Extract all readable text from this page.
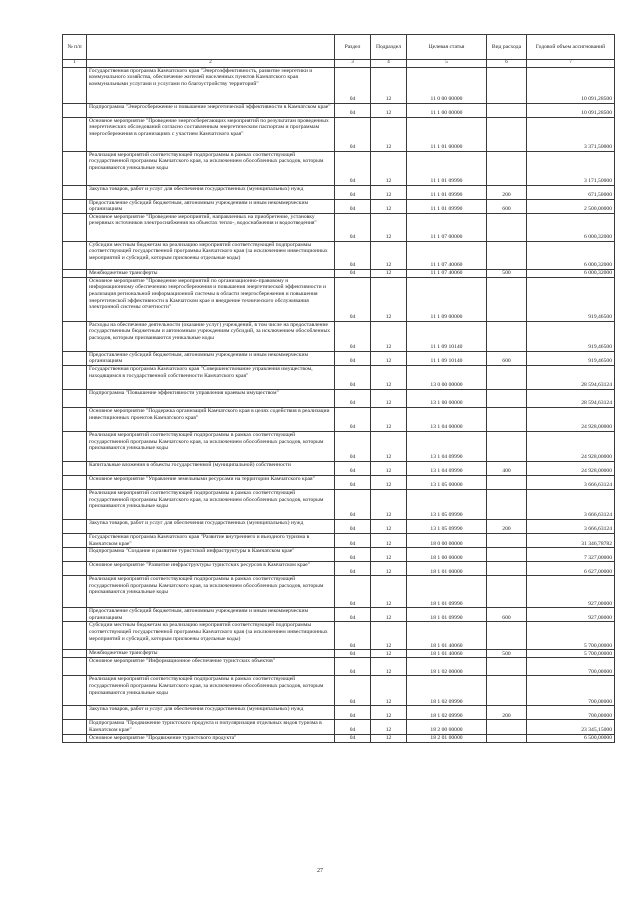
№ п/п		Раздел	Подраздел	Целевая статья	Вид расхода	Годовой объем ассигнований
1	2	3	4	5	6	7
	Государственная программа Камчатского края "Энергоэффективность, развитие энергетики и коммунального хозяйства, обеспечение жителей населенных пунктов Камчатского края коммунальными услугами и услугами по благоустройству территорий"	04	12	11 0 00 00000		10 091,28500
	Подпрограмма "Энергосбережение и повышение энергетической эффективности в Камчатском крае"	04	12	11 1 00 00000		10 091,28500
	Основное мероприятие "Проведение энергосберегающих мероприятий по результатам проведенных энергетических обследований согласно составленным энергетическим паспортам и программам энергосбережения в организациях с участием Камчатского края"	04	12	11 1 01 00000		3 371,50000
	Реализация мероприятий соответствующей подпрограммы в рамках соответствующей государственной программы Камчатского края, за исключением обособленных расходов, которым присваиваются уникальные коды	04	12	11 1 01 09990		3 171,50000
	Закупка товаров, работ и услуг для обеспечения государственных (муниципальных) нужд	04	12	11 1 01 09990	200	671,50000
	Предоставление субсидий бюджетным, автономным учреждениям и иным некоммерческим организациям	04	12	11 1 01 09990	600	2 500,00000
	Основное мероприятие "Проведение мероприятий, направленных на приобретение, установку резервных источников электроснабжения на объектах тепло-, водоснабжения и водоотведения"	04	12	11 1 07 00000		6 000,32000
	Субсидии местным бюджетам на реализацию мероприятий соответствующей подпрограммы соответствующей государственной программы Камчатского края (за исключением инвестиционных мероприятий и субсидий, которым присвоены отдельные коды)	04	12	11 1 07 40060		6 000,32000
	Межбюджетные трансферты	04	12	11 1 07 40060	500	6 000,32000
	Основное мероприятие "Проведение мероприятий по организационно-правовому и информационному обеспечению энергосбережения и повышения энергетической эффективности и реализация региональной информационной системы в области энергосбережения и повышения энергетической эффективности в Камчатском крае и внедрение технического обслуживания электронной системы отчетности"	04	12	11 1 09 00000		919,46500
	Расходы на обеспечение деятельности (оказание услуг) учреждений, в том числе на предоставление государственным бюджетным и автономным учреждениям субсидий, за исключением обособленных расходов, которым присваиваются уникальные коды	04	12	11 1 09 10140		919,46500
	Предоставление субсидий бюджетным, автономным учреждениям и иным некоммерческим организациям	04	12	11 1 09 10140	600	919,46500
	Государственная программа Камчатского края "Совершенствование управления имуществом, находящимся в государственной собственности Камчатского края"	04	12	13 0 00 00000		28 594,63124
	Подпрограмма "Повышение эффективности управления краевым имуществом"	04	12	13 1 00 00000		28 594,63124
	Основное мероприятие "Поддержка организаций Камчатского края в целях содействия в реализации инвестиционных проектов Камчатского края"	04	12	13 1 04 00000		24 928,00000
	Реализация мероприятий соответствующей подпрограммы в рамках соответствующей государственной программы Камчатского края, за исключением обособленных расходов, которым присваиваются уникальные коды	04	12	13 1 04 09990		24 928,00000
	Капитальные вложения в объекты государственной (муниципальной) собственности	04	12	13 1 04 09990	400	24 928,00000
	Основное мероприятие "Управление земельными ресурсами на территории Камчатского края"	04	12	13 1 05 00000		3 666,63124
	Реализация мероприятий соответствующей подпрограммы в рамках соответствующей государственной программы Камчатского края, за исключением обособленных расходов, которым присваиваются уникальные коды	04	12	13 1 05 09990		3 666,63124
	Закупка товаров, работ и услуг для обеспечения государственных (муниципальных) нужд	04	12	13 1 05 09990	200	3 666,63124
	Государственная программа Камчатского края "Развитие внутреннего и въездного туризма в Камчатском крае"	04	12	18 0 00 00000		31 346,78782
	Подпрограмма "Создание и развитие туристской инфраструктуры в Камчатском крае"	04	12	18 1 00 00000		7 327,00000
	Основное мероприятие "Развитие инфраструктуры туристских ресурсов в Камчатском крае"	04	12	18 1 01 00000		6 627,00000
	Реализация мероприятий соответствующей подпрограммы в рамках соответствующей государственной программы Камчатского края, за исключением обособленных расходов, которым присваиваются уникальные коды	04	12	18 1 01 09990		927,00000
	Предоставление субсидий бюджетным, автономным учреждениям и иным некоммерческим организациям	04	12	18 1 01 09990	600	927,00000
	Субсидии местным бюджетам на реализацию мероприятий соответствующей подпрограммы соответствующей государственной программы Камчатского края (за исключением инвестиционных мероприятий и субсидий, которым присвоены отдельные коды)	04	12	18 1 01 40060		5 700,00000
	Межбюджетные трансферты	04	12	18 1 01 40060	500	5 700,00000
	Основное мероприятие "Информационное обеспечение туристских объектов"	04	12	18 1 02 00000		700,00000
	Реализация мероприятий соответствующей подпрограммы в рамках соответствующей государственной программы Камчатского края, за исключением обособленных расходов, которым присваиваются уникальные коды	04	12	18 1 02 09990		700,00000
	Закупка товаров, работ и услуг для обеспечения государственных (муниципальных) нужд	04	12	18 1 02 09990	200	700,00000
	Подпрограмма "Продвижение туристского продукта и популяризация отдельных видов туризма в Камчатском крае"	04	12	18 2 00 00000		23 345,15000
	Основное мероприятие "Продвижение туристского продукта"	04	12	18 2 01 00000		6 500,00000
27
